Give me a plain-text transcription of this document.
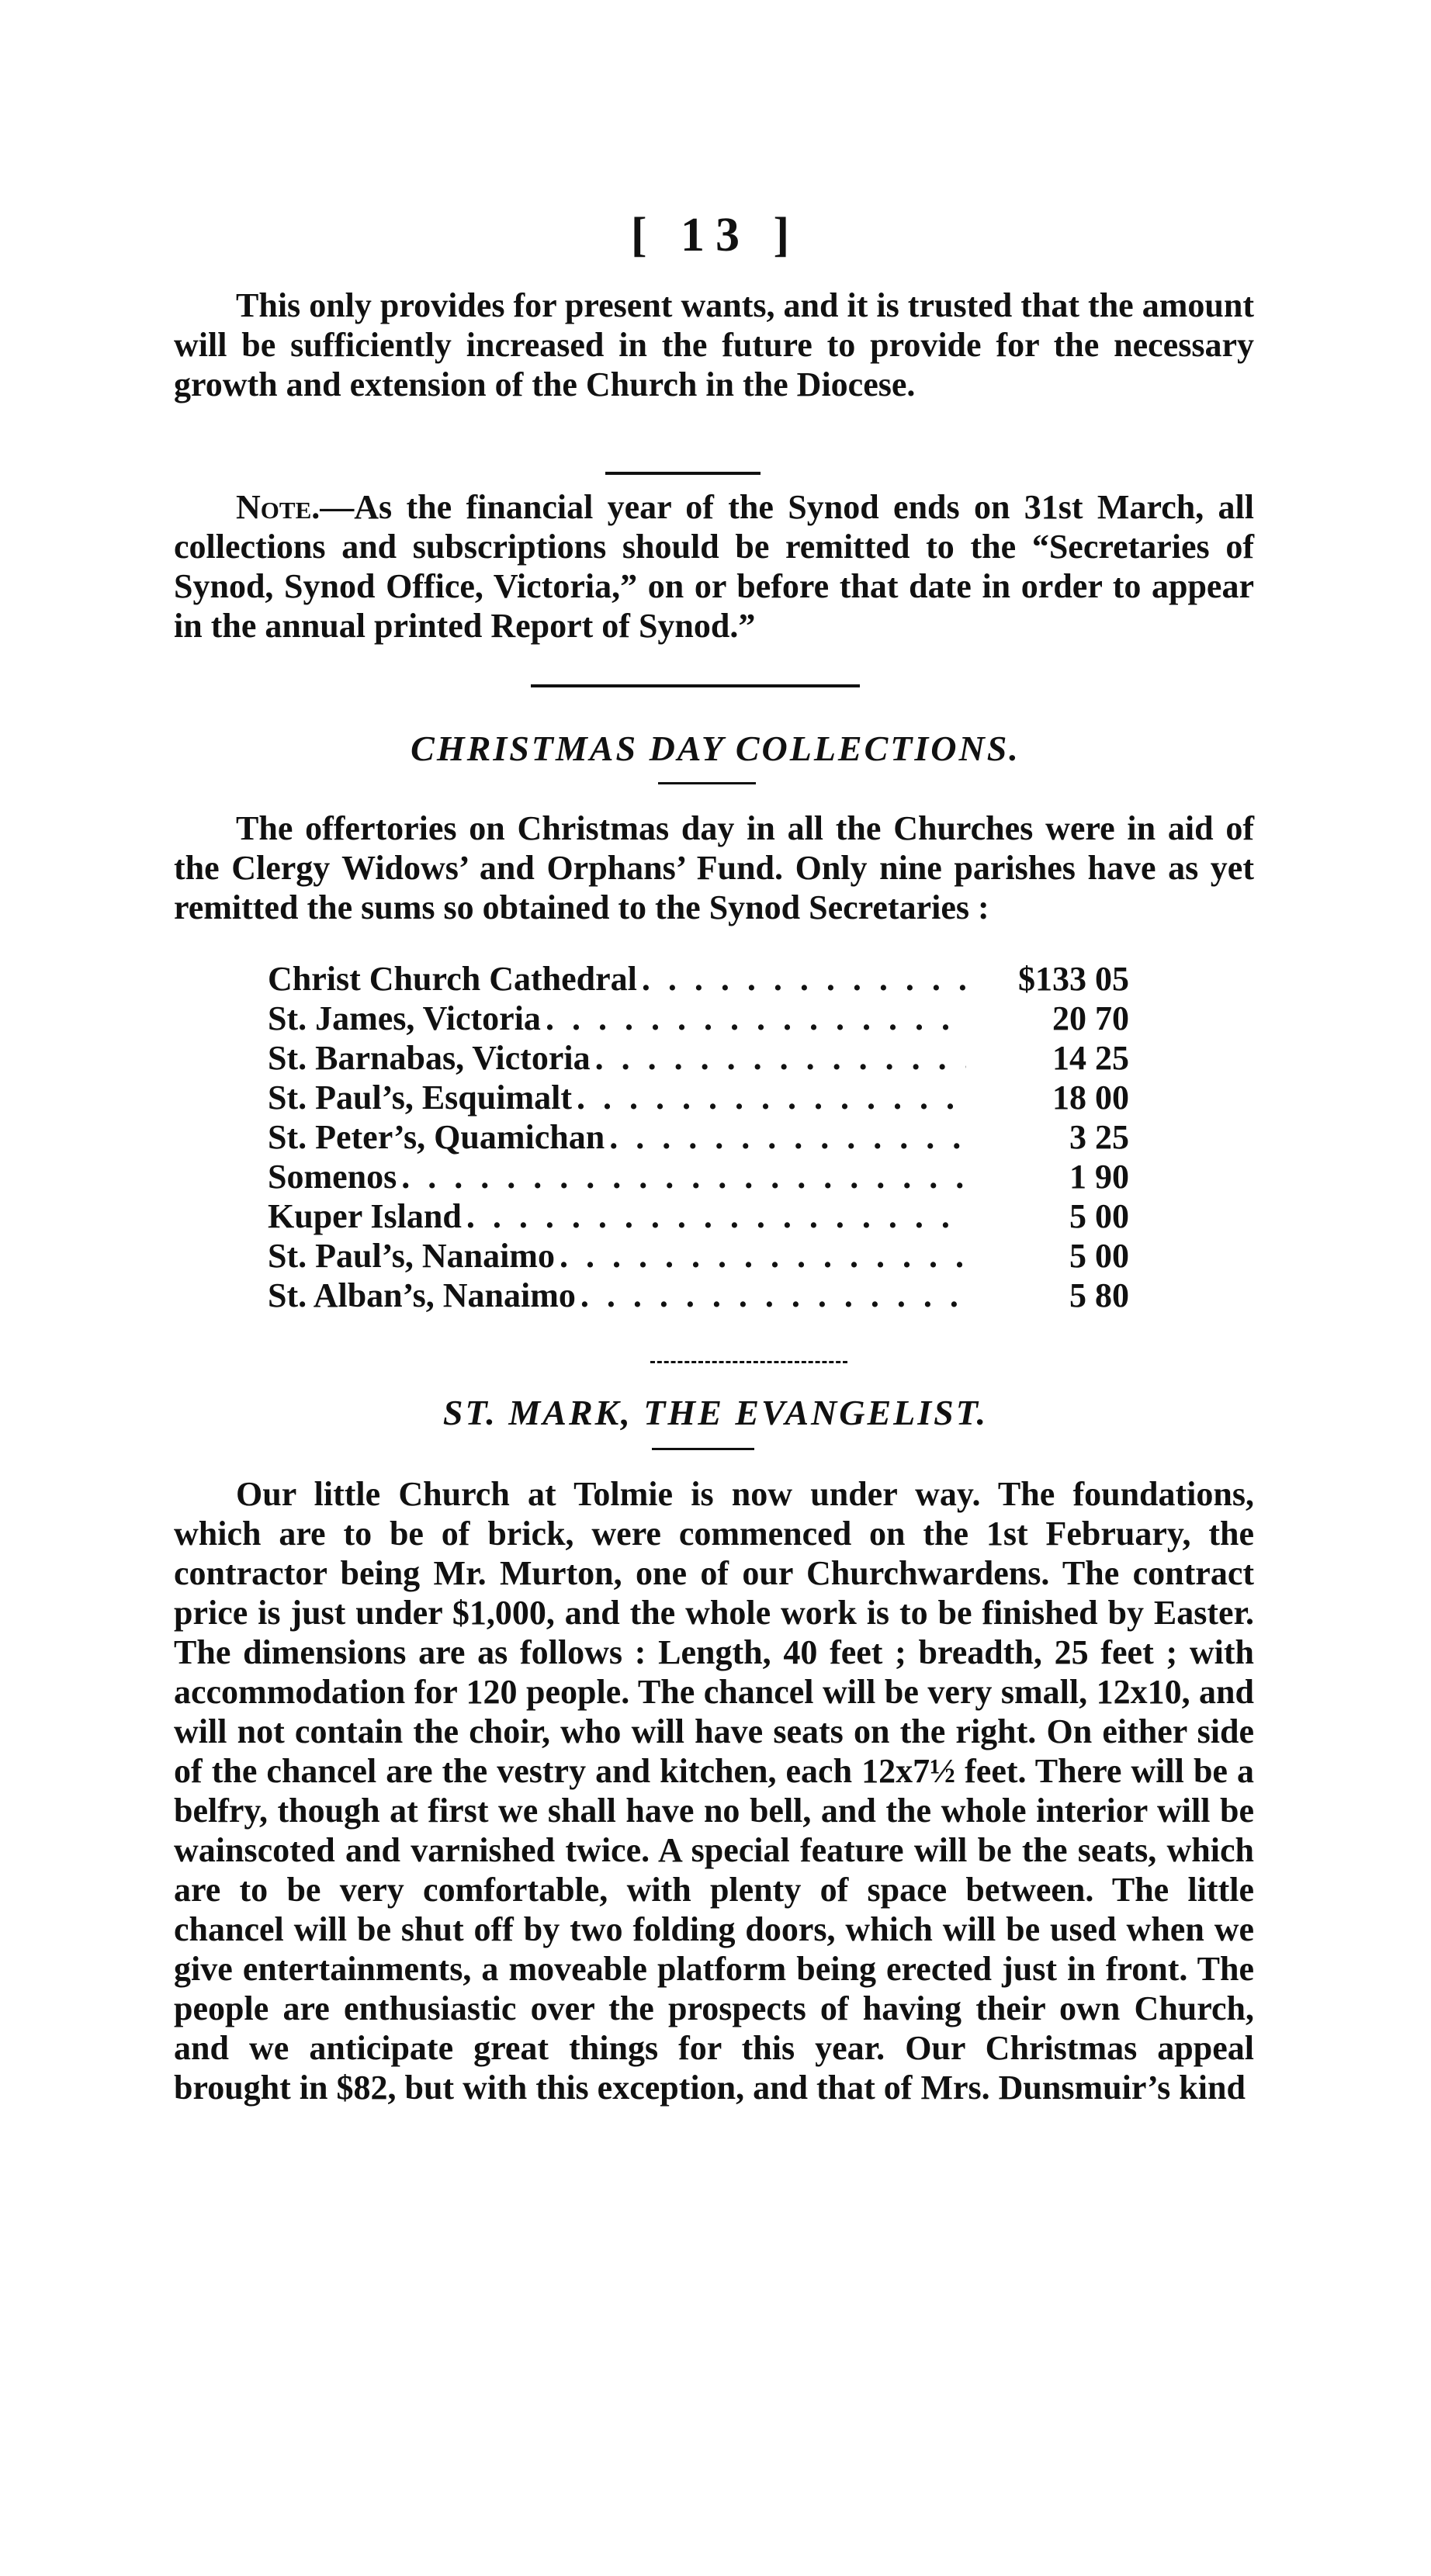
[ 13 ]

This only provides for present wants, and it is trusted that the amount will be sufficiently increased in the future to provide for the necessary growth and extension of the Church in the Diocese.

Note.—As the financial year of the Synod ends on 31st March, all collections and subscriptions should be remitted to the “Secretaries of Synod, Synod Office, Victoria,” on or before that date in order to appear in the annual printed Report of Synod.”

CHRISTMAS DAY COLLECTIONS.

The offertories on Christmas day in all the Churches were in aid of the Clergy Widows’ and Orphans’ Fund. Only nine parishes have as yet remitted the sums so obtained to the Synod Secretaries :

Christ Church Cathedral . . .	$133 05
St. James, Victoria . . .	20 70
St. Barnabas, Victoria . . .	14 25
St. Paul’s, Esquimalt . . .	18 00
St. Peter’s, Quamichan . . .	3 25
Somenos . . .	1 90
Kuper Island . . .	5 00
St. Paul’s, Nanaimo . . .	5 00
St. Alban’s, Nanaimo . . .	5 80
ST. MARK, THE EVANGELIST.

Our little Church at Tolmie is now under way. The foundations, which are to be of brick, were commenced on the 1st February, the contractor being Mr. Murton, one of our Churchwardens. The contract price is just under $1,000, and the whole work is to be finished by Easter. The dimensions are as follows : Length, 40 feet ; breadth, 25 feet ; with accommodation for 120 people. The chancel will be very small, 12x10, and will not contain the choir, who will have seats on the right. On either side of the chancel are the vestry and kitchen, each 12x7½ feet. There will be a belfry, though at first we shall have no bell, and the whole interior will be wainscoted and varnished twice. A special feature will be the seats, which are to be very comfortable, with plenty of space between. The little chancel will be shut off by two folding doors, which will be used when we give entertainments, a moveable platform being erected just in front. The people are enthusiastic over the prospects of having their own Church, and we anticipate great things for this year. Our Christmas appeal brought in $82, but with this exception, and that of Mrs. Dunsmuir’s kind
